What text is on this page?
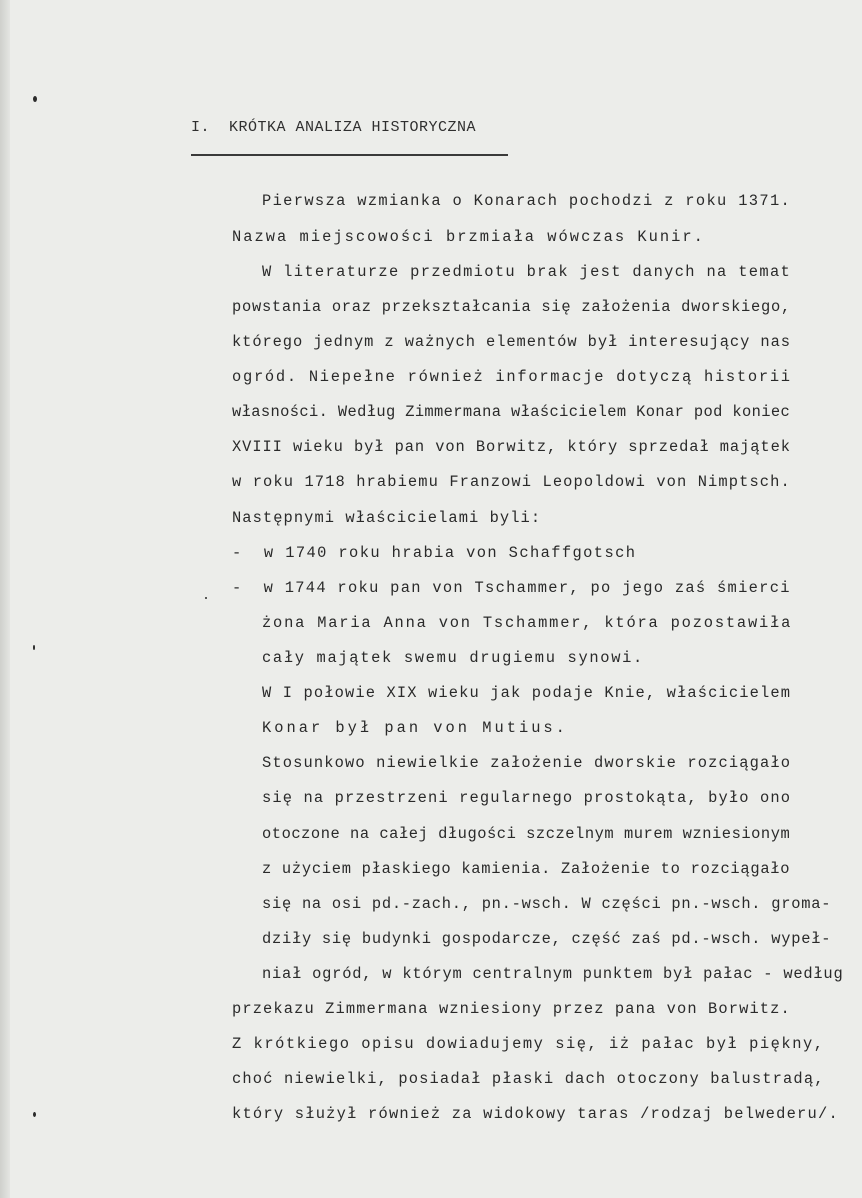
I.  KRÓTKA ANALIZA HISTORYCZNA
Pierwsza wzmianka o Konarach pochodzi z roku 1371.
Nazwa miejscowości brzmiała wówczas Kunir.
W literaturze przedmiotu brak jest danych na temat
powstania oraz przekształcania się założenia dworskiego,
którego jednym z ważnych elementów był interesujący nas
ogród. Niepełne również informacje dotyczą historii
własności. Według Zimmermana właścicielem Konar pod koniec
XVIII wieku był pan von Borwitz, który sprzedał majątek
w roku 1718 hrabiemu Franzowi Leopoldowi von Nimptsch.
Następnymi właścicielami byli:
-  w 1740 roku hrabia von Schaffgotsch
-  w 1744 roku pan von Tschammer, po jego zaś śmierci
żona Maria Anna von Tschammer, która pozostawiła
cały majątek swemu drugiemu synowi.
W I połowie XIX wieku jak podaje Knie, właścicielem
Konar był pan von Mutius.
Stosunkowo niewielkie założenie dworskie rozciągało
się na przestrzeni regularnego prostokąta, było ono
otoczone na całej długości szczelnym murem wzniesionym
z użyciem płaskiego kamienia. Założenie to rozciągało
się na osi pd.-zach., pn.-wsch. W części pn.-wsch. groma-
dziły się budynki gospodarcze, część zaś pd.-wsch. wypeł-
niał ogród, w którym centralnym punktem był pałac - według
przekazu Zimmermana wzniesiony przez pana von Borwitz.
Z krótkiego opisu dowiadujemy się, iż pałac był piękny,
choć niewielki, posiadał płaski dach otoczony balustradą,
który służył również za widokowy taras /rodzaj belwederu/.
